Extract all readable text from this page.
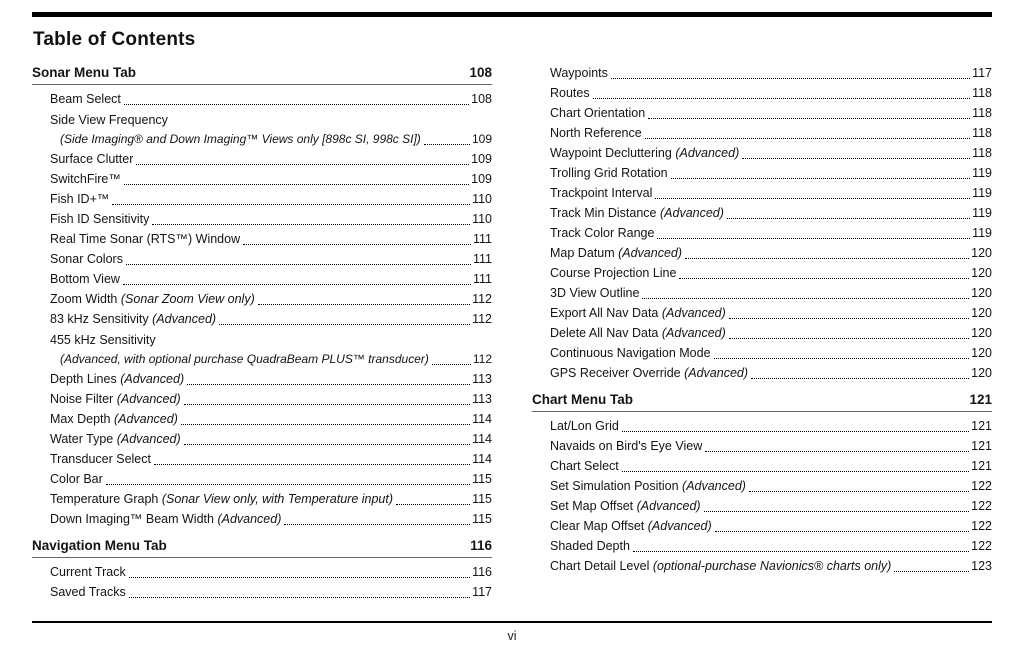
Table of Contents
Sonar Menu Tab	108
Beam Select	108
Side View Frequency
(Side Imaging® and Down Imaging™ Views only [898c SI, 998c SI])	109
Surface Clutter	109
SwitchFire™	109
Fish ID+™	110
Fish ID Sensitivity	110
Real Time Sonar (RTS™) Window	111
Sonar Colors	111
Bottom View	111
Zoom Width (Sonar Zoom View only)	112
83 kHz Sensitivity (Advanced)	112
455 kHz Sensitivity
(Advanced, with optional purchase QuadraBeam PLUS™ transducer)	112
Depth Lines (Advanced)	113
Noise Filter (Advanced)	113
Max Depth (Advanced)	114
Water Type (Advanced)	114
Transducer Select	114
Color Bar	115
Temperature Graph (Sonar View only, with Temperature input)	115
Down Imaging™ Beam Width (Advanced)	115
Navigation Menu Tab	116
Current Track	116
Saved Tracks	117
Waypoints	117
Routes	118
Chart Orientation	118
North Reference	118
Waypoint Decluttering (Advanced)	118
Trolling Grid Rotation	119
Trackpoint Interval	119
Track Min Distance (Advanced)	119
Track Color Range	119
Map Datum (Advanced)	120
Course Projection Line	120
3D View Outline	120
Export All Nav Data (Advanced)	120
Delete All Nav Data (Advanced)	120
Continuous Navigation Mode	120
GPS Receiver Override (Advanced)	120
Chart Menu Tab	121
Lat/Lon Grid	121
Navaids on Bird's Eye View	121
Chart Select	121
Set Simulation Position (Advanced)	122
Set Map Offset (Advanced)	122
Clear Map Offset (Advanced)	122
Shaded Depth	122
Chart Detail Level (optional-purchase Navionics® charts only)	123
vi
